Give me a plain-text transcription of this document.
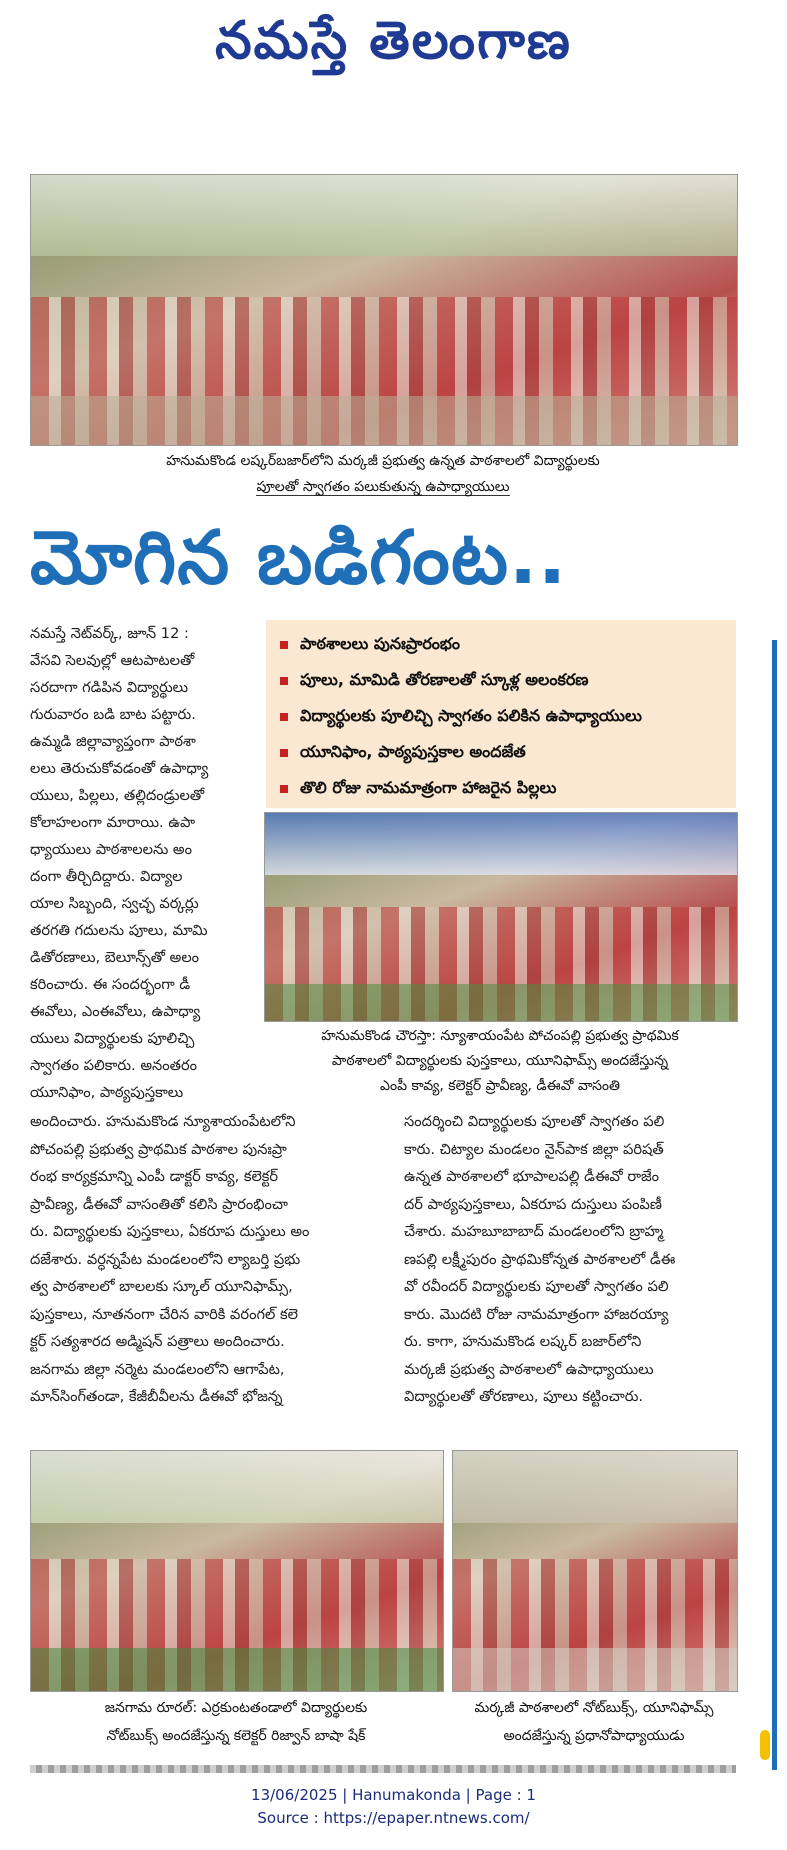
నమస్తే తెలంగాణ
హనుమకొండ లష్కర్‌బజార్‌లోని మర్కజీ ప్రభుత్వ ఉన్నత పాఠశాలలో విద్యార్థులకు
పూలతో స్వాగతం పలుకుతున్న ఉపాధ్యాయులు
మోగిన బడిగంట..

నమస్తే నెట్‌వర్క్, జూన్ 12 :

వేసవి సెలవుల్లో ఆటపాటలతో

సరదాగా గడిపిన విద్యార్థులు

గురువారం బడి బాట పట్టారు.

ఉమ్మడి జిల్లావ్యాప్తంగా పాఠశా

లలు తెరుచుకోవడంతో ఉపాధ్యా

యులు, పిల్లలు, తల్లిదండ్రులతో

కోలాహలంగా మారాయి. ఉపా

ధ్యాయులు పాఠశాలలను అం

దంగా తీర్చిదిద్దారు. విద్యాల

యాల సిబ్బంది, స్వచ్ఛ వర్కర్లు

తరగతి గదులను పూలు, మామి

డితోరణాలు, బెలూన్స్‌తో అలం

కరించారు. ఈ సందర్భంగా డీ

ఈవోలు, ఎంఈవోలు, ఉపాధ్యా

యులు విద్యార్థులకు పూలిచ్చి

స్వాగతం పలికారు. అనంతరం

యూనిఫాం, పాఠ్యపుస్తకాలు

పాఠశాలలు పునఃప్రారంభం
పూలు, మామిడి తోరణాలతో స్కూళ్ల అలంకరణ
విద్యార్థులకు పూలిచ్చి స్వాగతం పలికిన ఉపాధ్యాయులు
యూనిఫాం, పాఠ్యపుస్తకాల అందజేత
తొలి రోజు నామమాత్రంగా హాజరైన పిల్లలు
హనుమకొండ చౌరస్తా: న్యూశాయంపేట పోచంపల్లి ప్రభుత్వ ప్రాథమిక
పాఠశాలలో విద్యార్థులకు పుస్తకాలు, యూనిఫామ్స్ అందజేస్తున్న
ఎంపీ కావ్య, కలెక్టర్ ప్రావీణ్య, డీఈవో వాసంతి

అందించారు. హనుమకొండ న్యూశాయంపేటలోని

పోచంపల్లి ప్రభుత్వ ప్రాథమిక పాఠశాల పునఃప్రా

రంభ కార్యక్రమాన్ని ఎంపీ డాక్టర్ కావ్య, కలెక్టర్

ప్రావీణ్య, డీఈవో వాసంతితో కలిసి ప్రారంభించా

రు. విద్యార్థులకు పుస్తకాలు, ఏకరూప దుస్తులు అం

దజేశారు. వర్ధన్నపేట మండలంలోని ల్యాబర్తి ప్రభు

త్వ పాఠశాలలో బాలలకు స్కూల్ యూనిఫామ్స్,

పుస్తకాలు, నూతనంగా చేరిన వారికి వరంగల్ కలె

క్టర్ సత్యశారద అడ్మిషన్ పత్రాలు అందించారు.

జనగామ జిల్లా నర్మెట మండలంలోని ఆగాపేట,

మాన్‌సింగ్‌తండా, కేజీబీవీలను డీఈవో భోజన్న

సందర్శించి విద్యార్థులకు పూలతో స్వాగతం పలి

కారు. చిట్యాల మండలం నైన్‌పాక జిల్లా పరిషత్

ఉన్నత పాఠశాలలో భూపాలపల్లి డీఈవో రాజేం

దర్ పాఠ్యపుస్తకాలు, ఏకరూప దుస్తులు పంపిణీ

చేశారు. మహబూబాబాద్ మండలంలోని బ్రాహ్మ

ణపల్లి లక్ష్మీపురం ప్రాథమికోన్నత పాఠశాలలో డీఈ

వో రవీందర్ విద్యార్థులకు పూలతో స్వాగతం పలి

కారు. మొదటి రోజు నామమాత్రంగా హాజరయ్యా

రు. కాగా, హనుమకొండ లష్కర్ బజార్‌లోని

మర్కజీ ప్రభుత్వ పాఠశాలలో ఉపాధ్యాయులు

విద్యార్థులతో తోరణాలు, పూలు కట్టించారు.

జనగామ రూరల్: ఎర్రకుంటతండాలో విద్యార్థులకు
నోట్‌బుక్స్ అందజేస్తున్న కలెక్టర్ రిజ్వాన్ బాషా షేక్
మర్కజీ పాఠశాలలో నోట్‌బుక్స్, యూనిఫామ్స్
అందజేస్తున్న ప్రధానోపాధ్యాయుడు
13/06/2025 | Hanumakonda | Page : 1
Source : https://epaper.ntnews.com/
